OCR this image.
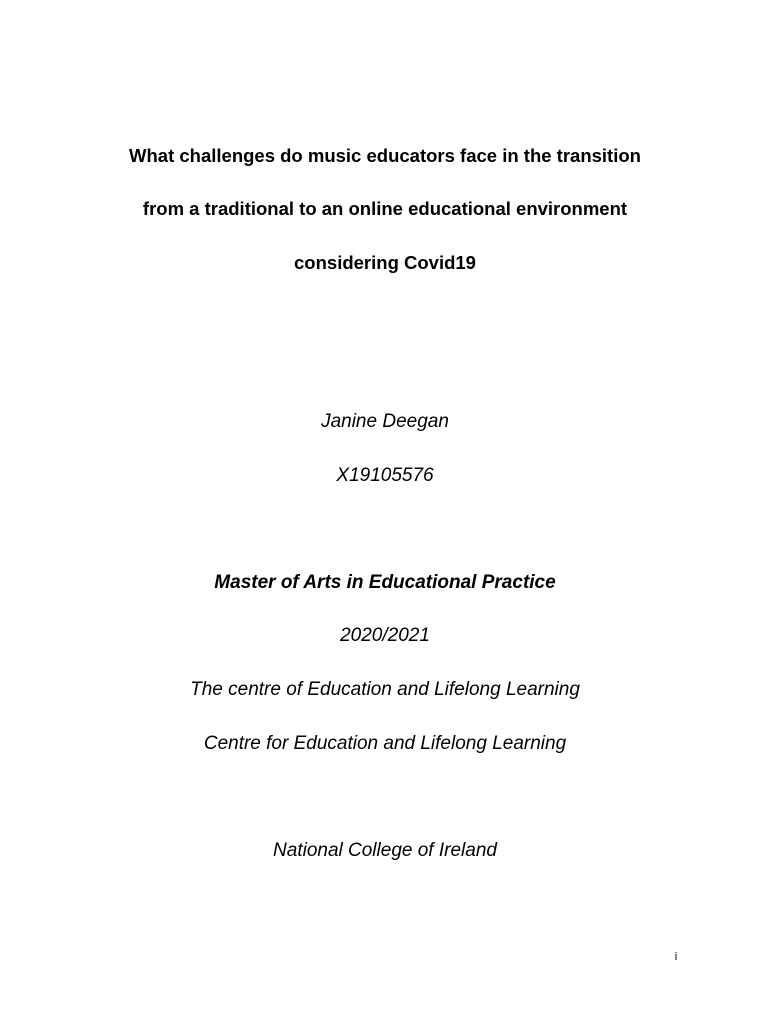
What challenges do music educators face in the transition
from a traditional to an online educational environment
considering Covid19
Janine Deegan
X19105576
Master of Arts in Educational Practice
2020/2021
The centre of Education and Lifelong Learning
Centre for Education and Lifelong Learning
National College of Ireland
i
